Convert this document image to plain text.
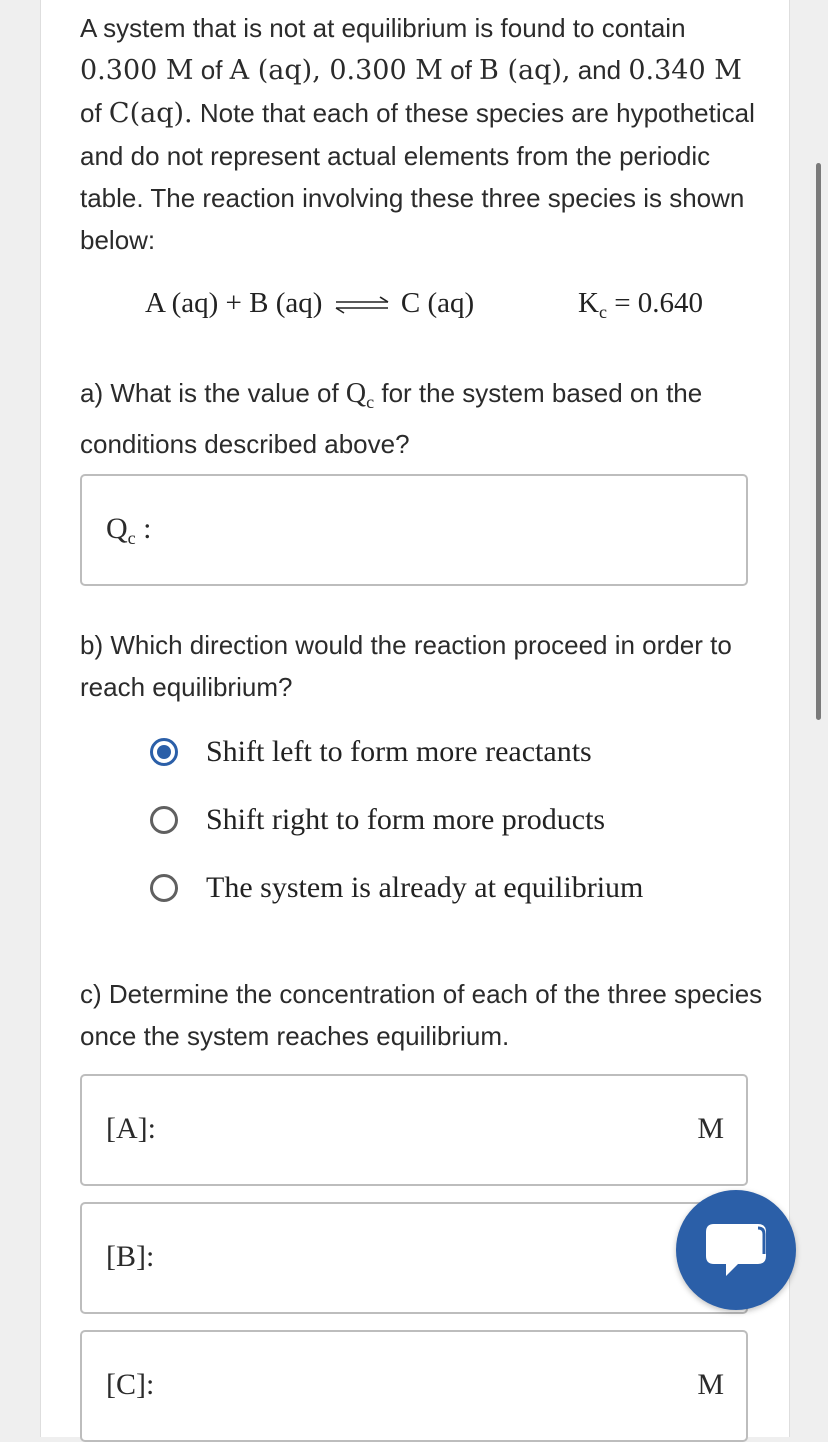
A system that is not at equilibrium is found to contain 0.300 M of A (aq), 0.300 M of B (aq), and 0.340 M of C(aq). Note that each of these species are hypothetical and do not represent actual elements from the periodic table. The reaction involving these three species is shown below:

A (aq) + B (aq) ⇌ C (aq)	$K_c = 0.640$

a) What is the value of $Q_c$ for the system based on the conditions described above?

$Q_c$ :

b) Which direction would the reaction proceed in order to reach equilibrium?

Shift left to form more reactants
Shift right to form more products
The system is already at equilibrium

c) Determine the concentration of each of the three species once the system reaches equilibrium.

[A]:	M
[B]:
[C]:	M
